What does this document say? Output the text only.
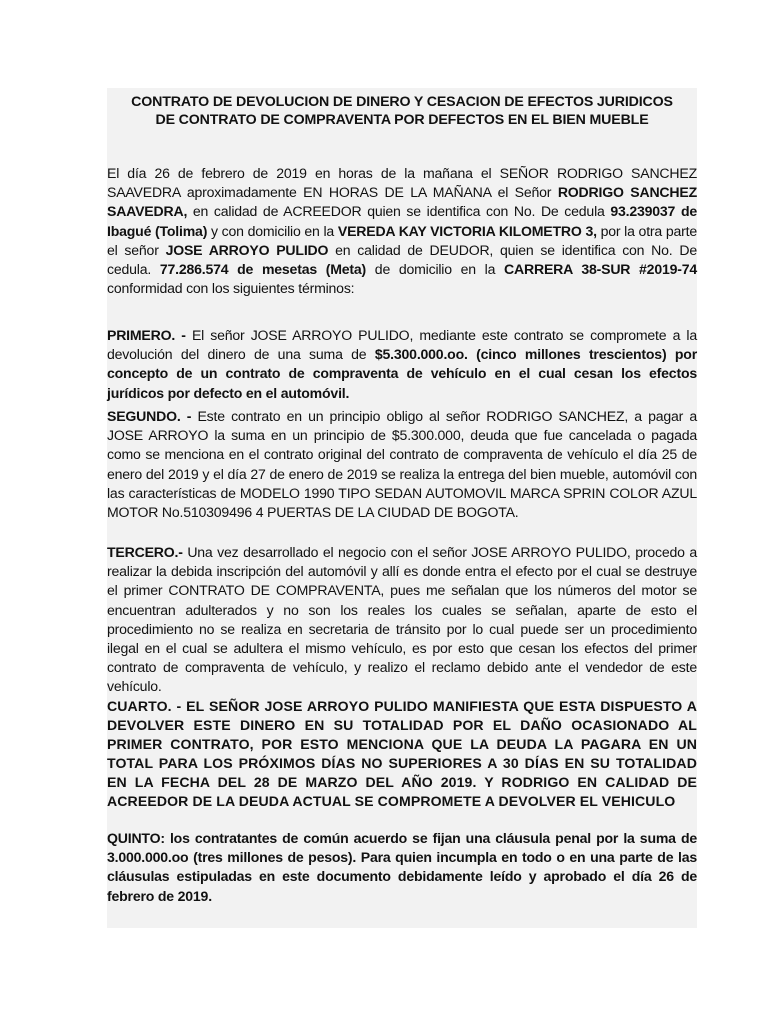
CONTRATO DE DEVOLUCION DE DINERO Y CESACION DE EFECTOS JURIDICOS
DE CONTRATO DE COMPRAVENTA POR DEFECTOS EN EL BIEN MUEBLE

El día 26 de febrero de 2019 en horas de la mañana el SEÑOR RODRIGO SANCHEZ SAAVEDRA aproximadamente EN HORAS DE LA MAÑANA el Señor RODRIGO SANCHEZ SAAVEDRA, en calidad de ACREEDOR quien se identifica con No. De cedula 93.239037 de Ibagué (Tolima) y con domicilio en la VEREDA KAY VICTORIA KILOMETRO 3, por la otra parte el señor JOSE ARROYO PULIDO en calidad de DEUDOR, quien se identifica con No. De cedula. 77.286.574 de mesetas (Meta) de domicilio en la CARRERA 38-SUR #2019-74 conformidad con los siguientes términos:

PRIMERO. - El señor JOSE ARROYO PULIDO, mediante este contrato se compromete a la devolución del dinero de una suma de $5.300.000.oo. (cinco millones trescientos) por concepto de un contrato de compraventa de vehículo en el cual cesan los efectos jurídicos por defecto en el automóvil.

SEGUNDO. - Este contrato en un principio obligo al señor RODRIGO SANCHEZ, a pagar a JOSE ARROYO la suma en un principio de $5.300.000, deuda que fue cancelada o pagada como se menciona en el contrato original del contrato de compraventa de vehículo el día 25 de enero del 2019 y el día 27 de enero de 2019 se realiza la entrega del bien mueble, automóvil con las características de MODELO 1990 TIPO SEDAN AUTOMOVIL MARCA SPRIN COLOR AZUL MOTOR No.510309496 4 PUERTAS DE LA CIUDAD DE BOGOTA.

TERCERO.- Una vez desarrollado el negocio con el señor JOSE ARROYO PULIDO, procedo a realizar la debida inscripción del automóvil y allí es donde entra el efecto por el cual se destruye el primer CONTRATO DE COMPRAVENTA, pues me señalan que los números del motor se encuentran adulterados y no son los reales los cuales se señalan, aparte de esto el procedimiento no se realiza en secretaria de tránsito por lo cual puede ser un procedimiento ilegal en el cual se adultera el mismo vehículo, es por esto que cesan los efectos del primer contrato de compraventa de vehículo, y realizo el reclamo debido ante el vendedor de este vehículo.

CUARTO. - EL SEÑOR JOSE ARROYO PULIDO MANIFIESTA QUE ESTA DISPUESTO A DEVOLVER ESTE DINERO EN SU TOTALIDAD POR EL DAÑO OCASIONADO AL PRIMER CONTRATO, POR ESTO MENCIONA QUE LA DEUDA LA PAGARA EN UN TOTAL PARA LOS PRÓXIMOS DÍAS NO SUPERIORES A 30 DÍAS EN SU TOTALIDAD EN LA FECHA DEL 28 DE MARZO DEL AÑO 2019. Y RODRIGO EN CALIDAD DE ACREEDOR DE LA DEUDA ACTUAL SE COMPROMETE A DEVOLVER EL VEHICULO

QUINTO: los contratantes de común acuerdo se fijan una cláusula penal por la suma de 3.000.000.oo (tres millones de pesos). Para quien incumpla en todo o en una parte de las cláusulas estipuladas en este documento debidamente leído y aprobado el día 26 de febrero de 2019.
